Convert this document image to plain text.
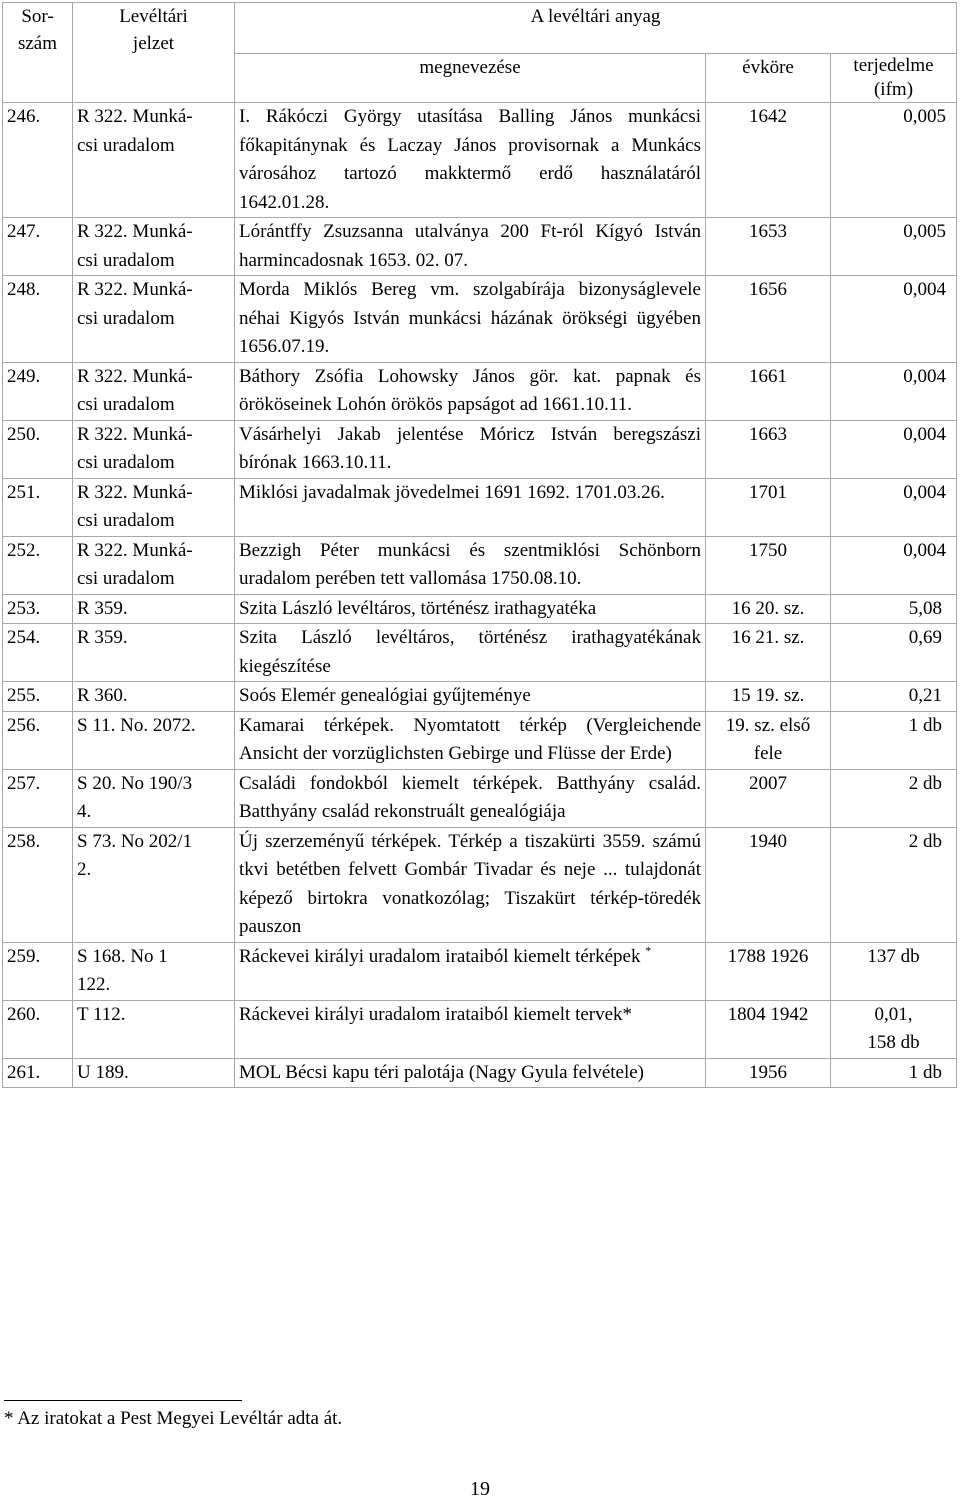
Sor-
szám	Levéltári
jelzet	A levéltári anyag		
		megnevezése	évköre	terjedelme
(ifm)
246.	R 322. Munká-
csi uradalom	I. Rákóczi György utasítása Balling János munkácsi főkapitánynak és Laczay János provisornak a Munkács városához tartozó makktermő erdő használatáról 1642.01.28.	1642	0,005
247.	R 322. Munká-
csi uradalom	Lórántffy Zsuzsanna utalványa 200 Ft-ról Kígyó István harmincadosnak 1653. 02. 07.	1653	0,005
248.	R 322. Munká-
csi uradalom	Morda Miklós Bereg vm. szolgabírája bizonyságlevele néhai Kigyós István munkácsi házának örökségi ügyében 1656.07.19.	1656	0,004
249.	R 322. Munká-
csi uradalom	Báthory Zsófia Lohowsky János gör. kat. papnak és örököseinek Lohón örökös papságot ad 1661.10.11.	1661	0,004
250.	R 322. Munká-
csi uradalom	Vásárhelyi Jakab jelentése Móricz István beregszászi bírónak 1663.10.11.	1663	0,004
251.	R 322. Munká-
csi uradalom	Miklósi javadalmak jövedelmei 1691 1692. 1701.03.26.	1701	0,004
252.	R 322. Munká-
csi uradalom	Bezzigh Péter munkácsi és szentmiklósi Schönborn uradalom perében tett vallomása 1750.08.10.	1750	0,004
253.	R 359.	Szita László levéltáros, történész irathagyatéka	16 20. sz.	5,08
254.	R 359.	Szita László levéltáros, történész irathagyatékának kiegészítése	16 21. sz.	0,69
255.	R 360.	Soós Elemér genealógiai gyűjteménye	15 19. sz.	0,21
256.	S 11. No. 2072.	Kamarai térképek. Nyomtatott térkép (Vergleichende Ansicht der vorzüglichsten Gebirge und Flüsse der Erde)	19. sz. első
fele	1 db
257.	S 20. No 190/3
4.	Családi fondokból kiemelt térképek. Batthyány család. Batthyány család rekonstruált genealógiája	2007	2 db
258.	S 73. No 202/1
2.	Új szerzeményű térképek. Térkép a tiszakürti 3559. számú tkvi betétben felvett Gombár Tivadar és neje ... tulajdonát képező birtokra vonatkozólag; Tiszakürt térkép-töredék pauszon	1940	2 db
259.	S 168. No 1
122.	Ráckevei királyi uradalom irataiból kiemelt térképek *	1788 1926	137 db
260.	T 112.	Ráckevei királyi uradalom irataiból kiemelt tervek*	1804 1942	0,01,
158 db
261.	U 189.	MOL Bécsi kapu téri palotája (Nagy Gyula felvétele)	1956	1 db
* Az iratokat a Pest Megyei Levéltár adta át.
19
